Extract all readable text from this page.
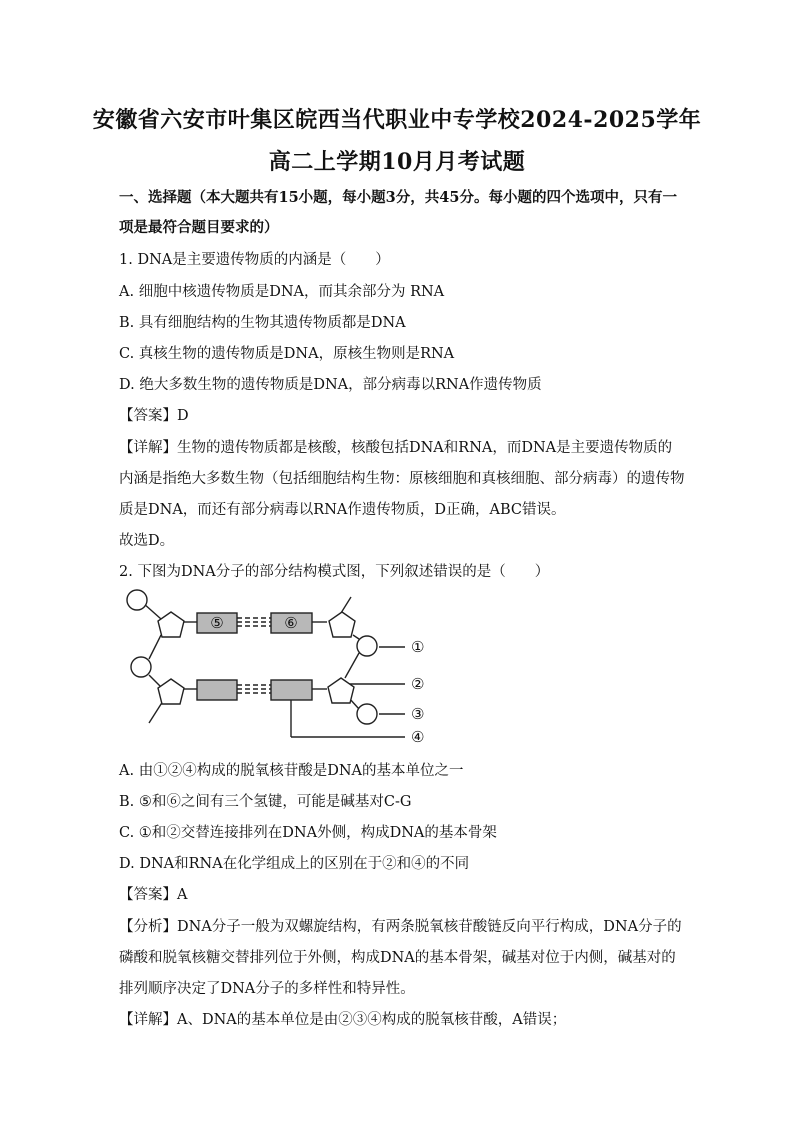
安徽省六安市叶集区皖西当代职业中专学校2024-2025学年
高二上学期10月月考试题
一、选择题（本大题共有15小题，每小题3分，共45分。每小题的四个选项中，只有一
项是最符合题目要求的）
1. DNA是主要遗传物质的内涵是（　　）
A. 细胞中核遗传物质是DNA，而其余部分为 RNA
B. 具有细胞结构的生物其遗传物质都是DNA
C. 真核生物的遗传物质是DNA，原核生物则是RNA
D. 绝大多数生物的遗传物质是DNA，部分病毒以RNA作遗传物质
【答案】D
【详解】生物的遗传物质都是核酸，核酸包括DNA和RNA，而DNA是主要遗传物质的
内涵是指绝大多数生物（包括细胞结构生物：原核细胞和真核细胞、部分病毒）的遗传物
质是DNA，而还有部分病毒以RNA作遗传物质，D正确，ABC错误。
故选D。
2. 下图为DNA分子的部分结构模式图，下列叙述错误的是（　　）
⑤	⑥
①
②
③
④
A. 由①②④构成的脱氧核苷酸是DNA的基本单位之一
B. ⑤和⑥之间有三个氢键，可能是碱基对C-G
C. ①和②交替连接排列在DNA外侧，构成DNA的基本骨架
D. DNA和RNA在化学组成上的区别在于②和④的不同
【答案】A
【分析】DNA分子一般为双螺旋结构，有两条脱氧核苷酸链反向平行构成，DNA分子的
磷酸和脱氧核糖交替排列位于外侧，构成DNA的基本骨架，碱基对位于内侧，碱基对的
排列顺序决定了DNA分子的多样性和特异性。
【详解】A、DNA的基本单位是由②③④构成的脱氧核苷酸，A错误；
